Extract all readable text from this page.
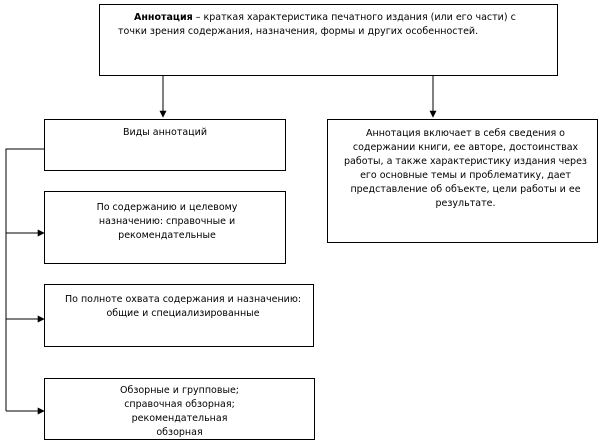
Аннотация – краткая характеристика печатного издания (или его части) с точки зрения содержания, назначения, формы и других особенностей.

Виды аннотаций	Аннотация включает в себя сведения о содержании книги, ее авторе, достоинствах работы, а также характеристику издания через его основные темы и проблематику, дает представление об объекте, цели работы и ее результате.

По содержанию и целевому назначению: справочные и рекомендательные

По полноте охвата содержания и назначению: общие и специализированные

Обзорные и групповые; справочная обзорная; рекомендательная обзорная
